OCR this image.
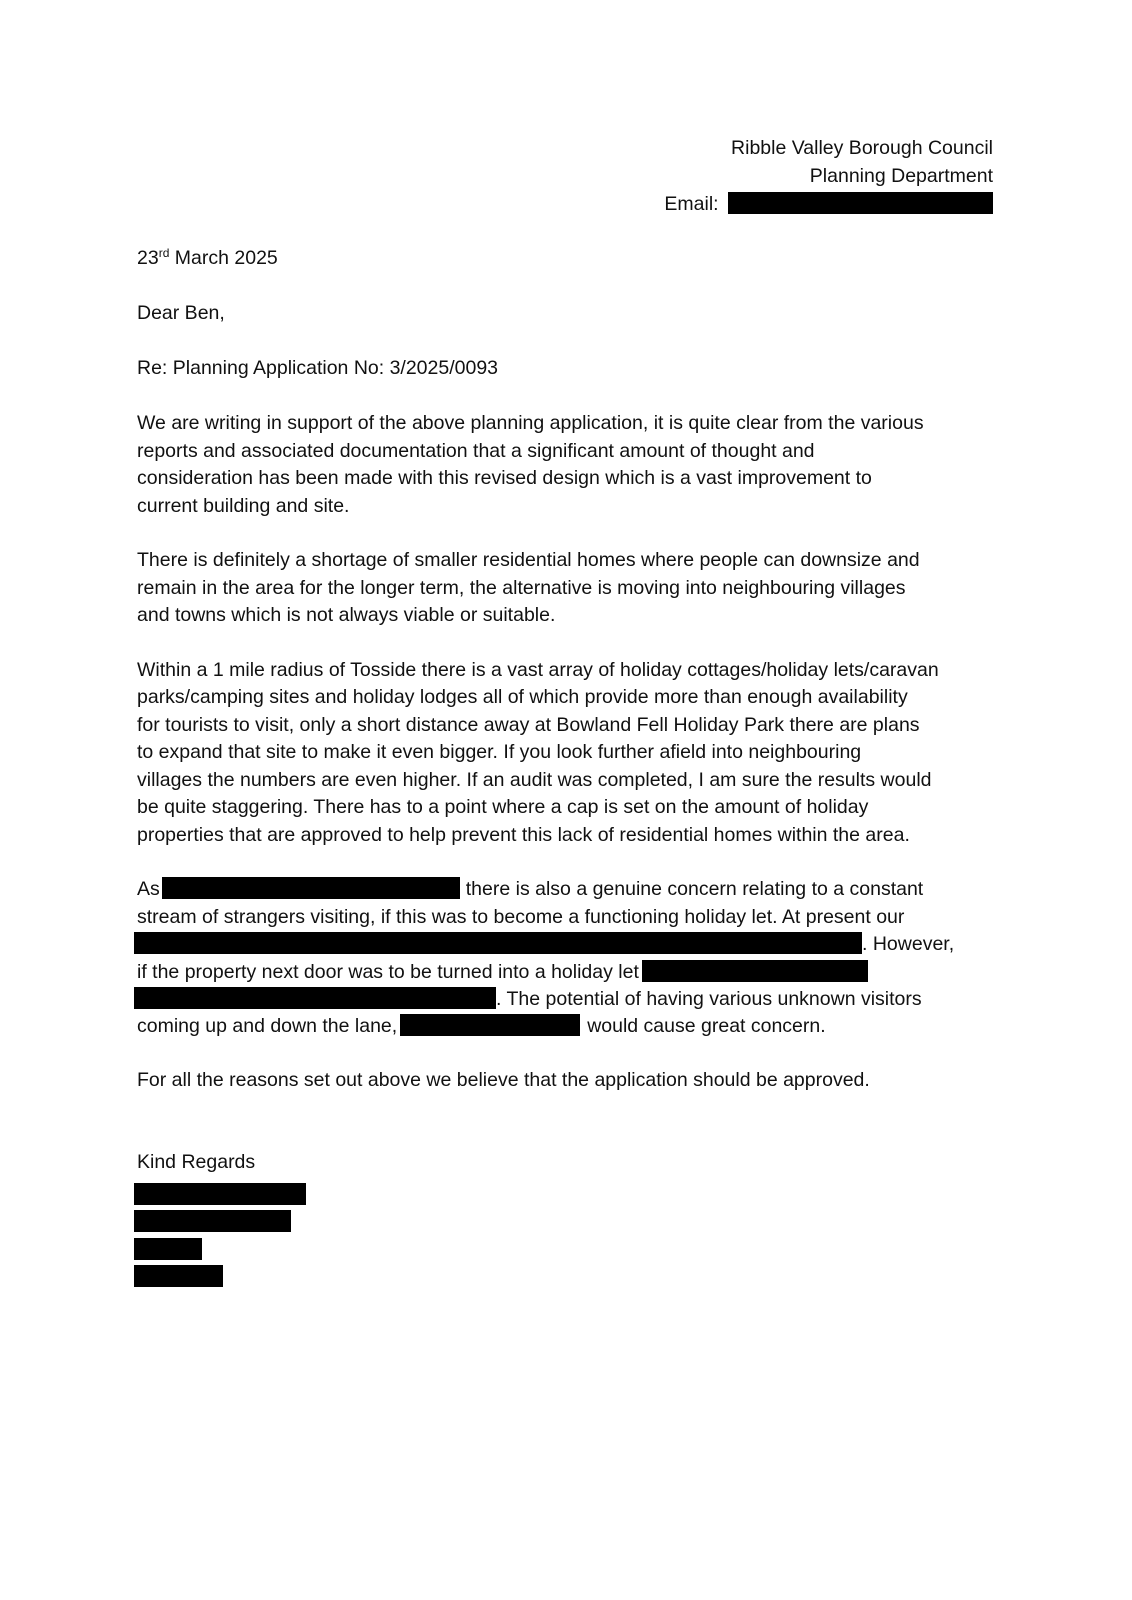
Ribble Valley Borough Council
Planning Department
Email:
23rd March 2025
Dear Ben,
Re: Planning Application No: 3/2025/0093
We are writing in support of the above planning application, it is quite clear from the various
reports and associated documentation that a significant amount of thought and
consideration has been made with this revised design which is a vast improvement to
current building and site.
There is definitely a shortage of smaller residential homes where people can downsize and
remain in the area for the longer term, the alternative is moving into neighbouring villages
and towns which is not always viable or suitable.
Within a 1 mile radius of Tosside there is a vast array of holiday cottages/holiday lets/caravan
parks/camping sites and holiday lodges all of which provide more than enough availability
for tourists to visit, only a short distance away at Bowland Fell Holiday Park there are plans
to expand that site to make it even bigger. If you look further afield into neighbouring
villages the numbers are even higher. If an audit was completed, I am sure the results would
be quite staggering. There has to a point where a cap is set on the amount of holiday
properties that are approved to help prevent this lack of residential homes within the area.
As	there is also a genuine concern relating to a constant
stream of strangers visiting, if this was to become a functioning holiday let. At present our
. However,
if the property next door was to be turned into a holiday let
. The potential of having various unknown visitors
coming up and down the lane,	would cause great concern.
For all the reasons set out above we believe that the application should be approved.
Kind Regards
